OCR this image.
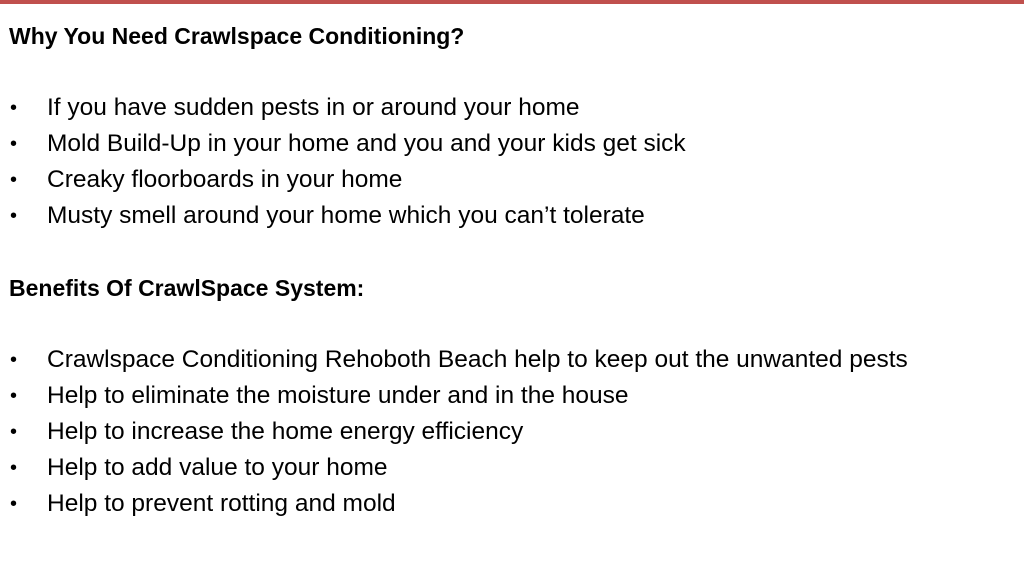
Why You Need Crawlspace Conditioning?
•	If you have sudden pests in or around your home
•	Mold Build-Up in your home and you and your kids get sick
•	Creaky floorboards in your home
•	Musty smell around your home which you can’t tolerate
Benefits Of CrawlSpace System:
•	Crawlspace Conditioning Rehoboth Beach help to keep out the unwanted pests
•	Help to eliminate the moisture under and in the house
•	Help to increase the home energy efficiency
•	Help to add value to your home
•	Help to prevent rotting and mold
